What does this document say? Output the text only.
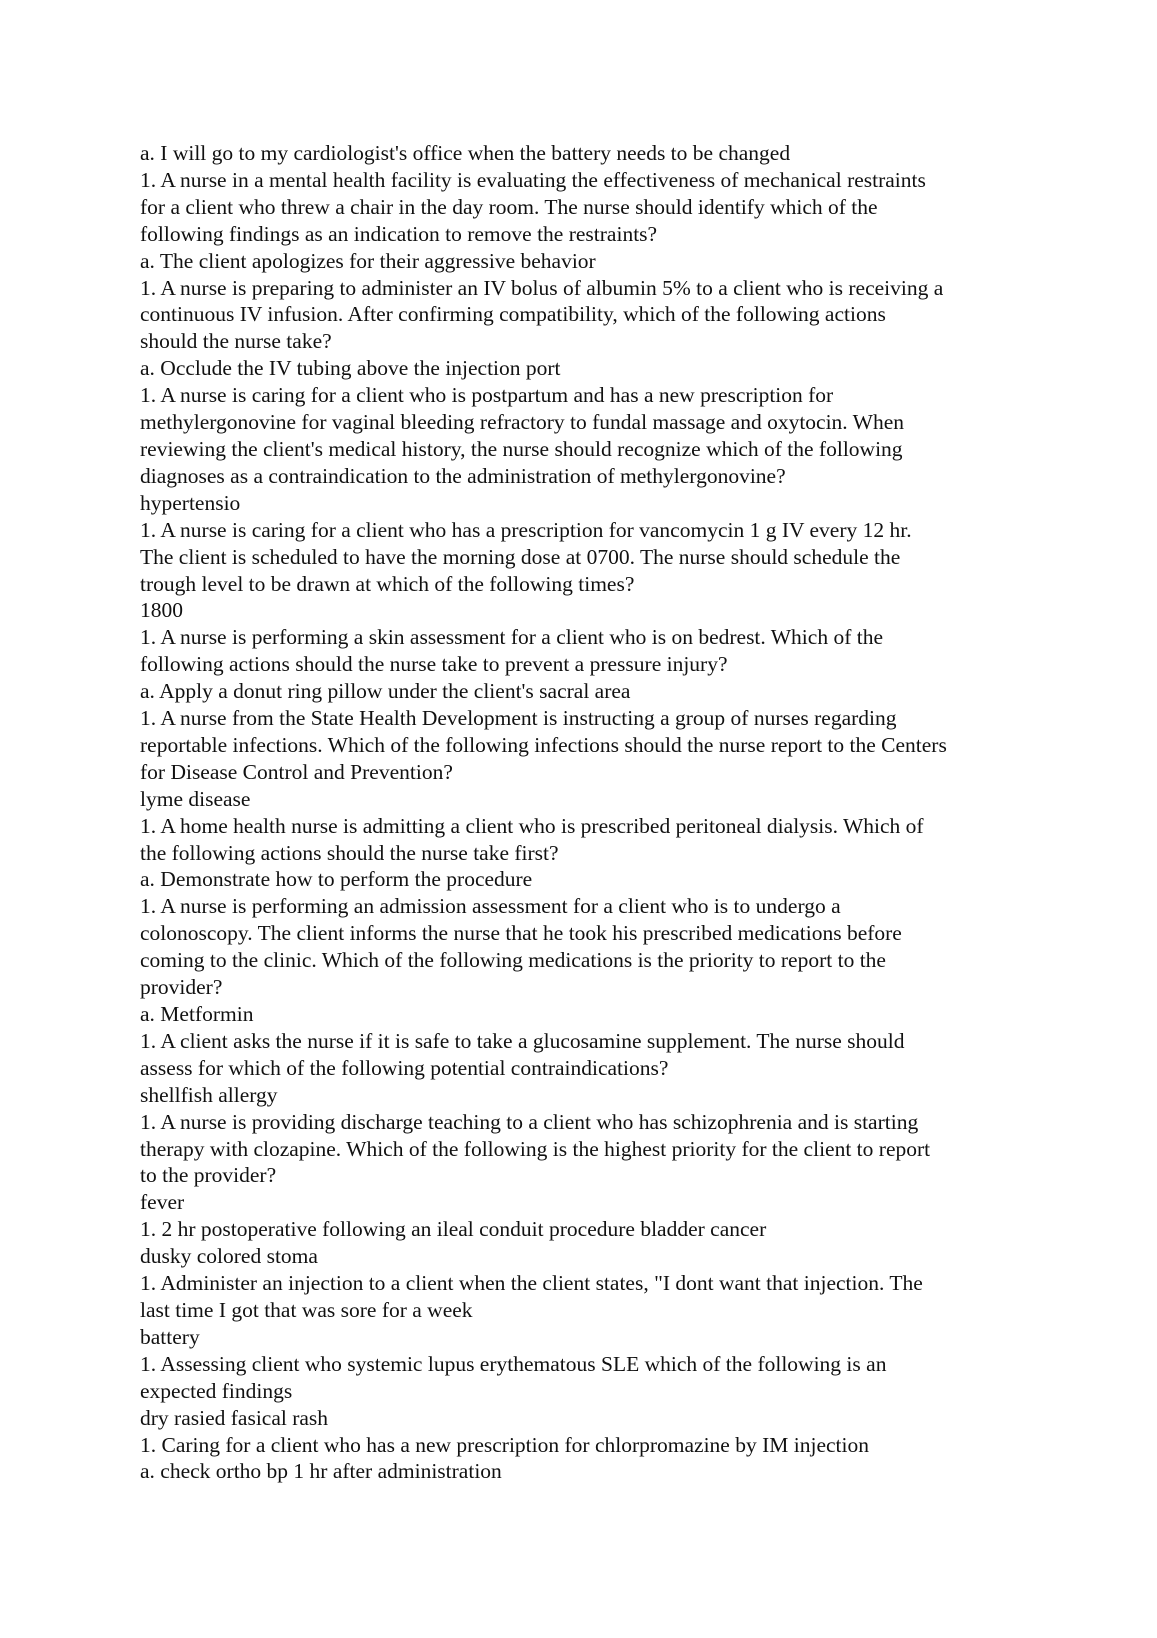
a. I will go to my cardiologist's office when the battery needs to be changed
1. A nurse in a mental health facility is evaluating the effectiveness of mechanical restraints
for a client who threw a chair in the day room. The nurse should identify which of the
following findings as an indication to remove the restraints?
a. The client apologizes for their aggressive behavior
1. A nurse is preparing to administer an IV bolus of albumin 5% to a client who is receiving a
continuous IV infusion. After confirming compatibility, which of the following actions
should the nurse take?
a. Occlude the IV tubing above the injection port
1. A nurse is caring for a client who is postpartum and has a new prescription for
methylergonovine for vaginal bleeding refractory to fundal massage and oxytocin. When
reviewing the client's medical history, the nurse should recognize which of the following
diagnoses as a contraindication to the administration of methylergonovine?
hypertensio
1. A nurse is caring for a client who has a prescription for vancomycin 1 g IV every 12 hr.
The client is scheduled to have the morning dose at 0700. The nurse should schedule the
trough level to be drawn at which of the following times?
1800
1. A nurse is performing a skin assessment for a client who is on bedrest. Which of the
following actions should the nurse take to prevent a pressure injury?
a. Apply a donut ring pillow under the client's sacral area
1. A nurse from the State Health Development is instructing a group of nurses regarding
reportable infections. Which of the following infections should the nurse report to the Centers
for Disease Control and Prevention?
lyme disease
1. A home health nurse is admitting a client who is prescribed peritoneal dialysis. Which of
the following actions should the nurse take first?
a. Demonstrate how to perform the procedure
1. A nurse is performing an admission assessment for a client who is to undergo a
colonoscopy. The client informs the nurse that he took his prescribed medications before
coming to the clinic. Which of the following medications is the priority to report to the
provider?
a. Metformin
1. A client asks the nurse if it is safe to take a glucosamine supplement. The nurse should
assess for which of the following potential contraindications?
shellfish allergy
1. A nurse is providing discharge teaching to a client who has schizophrenia and is starting
therapy with clozapine. Which of the following is the highest priority for the client to report
to the provider?
fever
1. 2 hr postoperative following an ileal conduit procedure bladder cancer
dusky colored stoma
1. Administer an injection to a client when the client states, "I dont want that injection. The
last time I got that was sore for a week
battery
1. Assessing client who systemic lupus erythematous SLE which of the following is an
expected findings
dry rasied fasical rash
1. Caring for a client who has a new prescription for chlorpromazine by IM injection
a. check ortho bp 1 hr after administration
